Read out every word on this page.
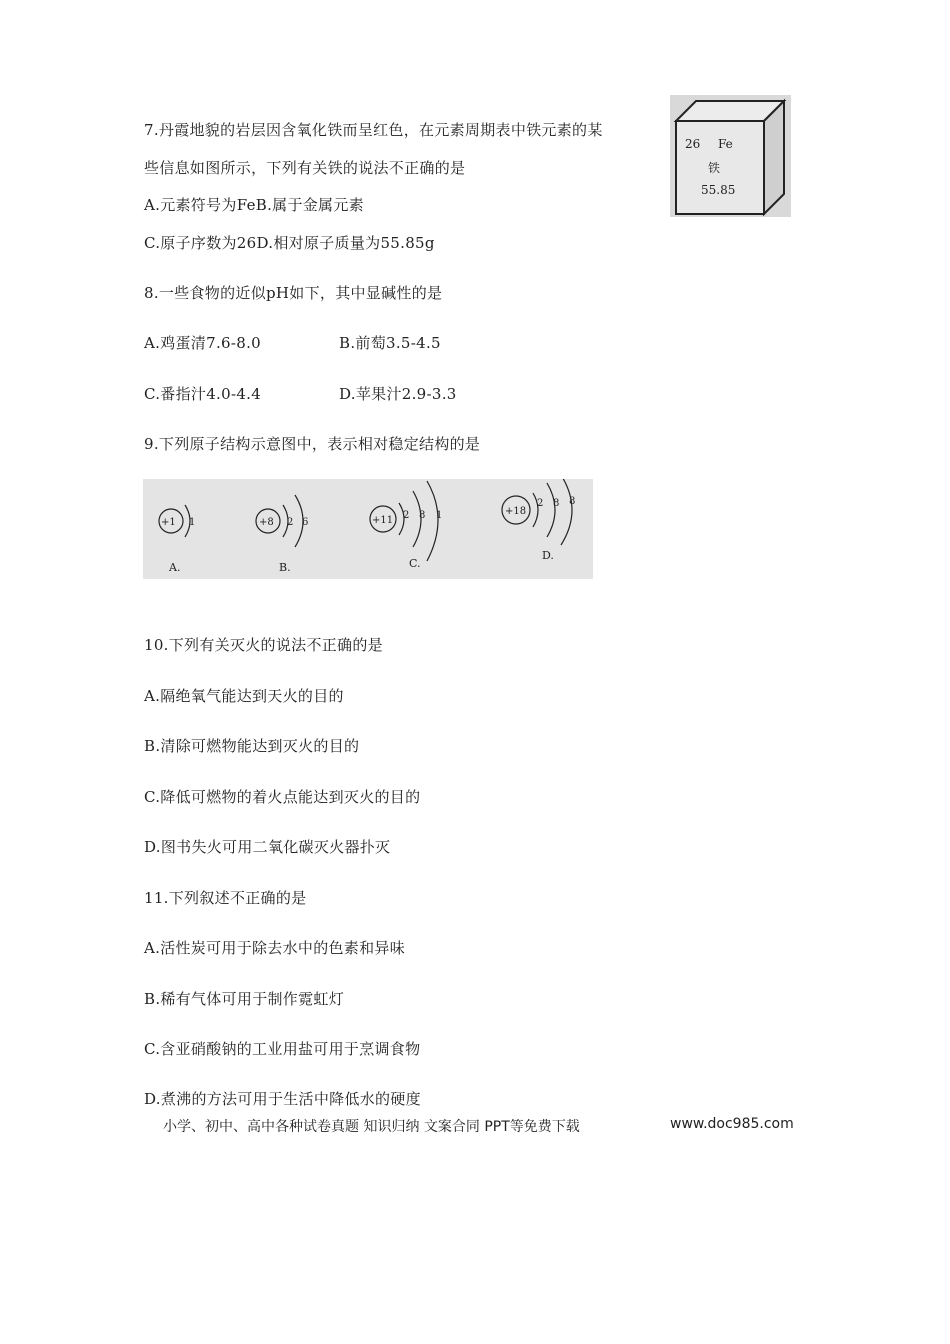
7.丹霞地貌的岩层因含氧化铁而呈红色，在元素周期表中铁元素的某
些信息如图所示，下列有关铁的说法不正确的是
A.元素符号为FeB.属于金属元素
C.原子序数为26D.相对原子质量为55.85g
26 Fe
铁
55.85
8.一些食物的近似pH如下，其中显碱性的是
A.鸡蛋清7.6-8.0	B.前萄3.5-4.5
C.番指汁4.0-4.4	D.苹果汁2.9-3.3
9.下列原子结构示意图中，表示相对稳定结构的是
+1 1
A.
+8 2 6
B.
+11 2 8 1
C.
+18
2 8 8
D.
10.下列有关灭火的说法不正确的是
A.隔绝氧气能达到天火的目的
B.清除可燃物能达到灭火的目的
C.降低可燃物的着火点能达到灭火的目的
D.图书失火可用二氧化碳灭火器扑灭
11.下列叙述不正确的是
A.活性炭可用于除去水中的色素和异味
B.稀有气体可用于制作霓虹灯
C.含亚硝酸钠的工业用盐可用于烹调食物
D.煮沸的方法可用于生活中降低水的硬度
小学、初中、高中各种试卷真题 知识归纳 文案合同 PPT等免费下载	www.doc985.com
